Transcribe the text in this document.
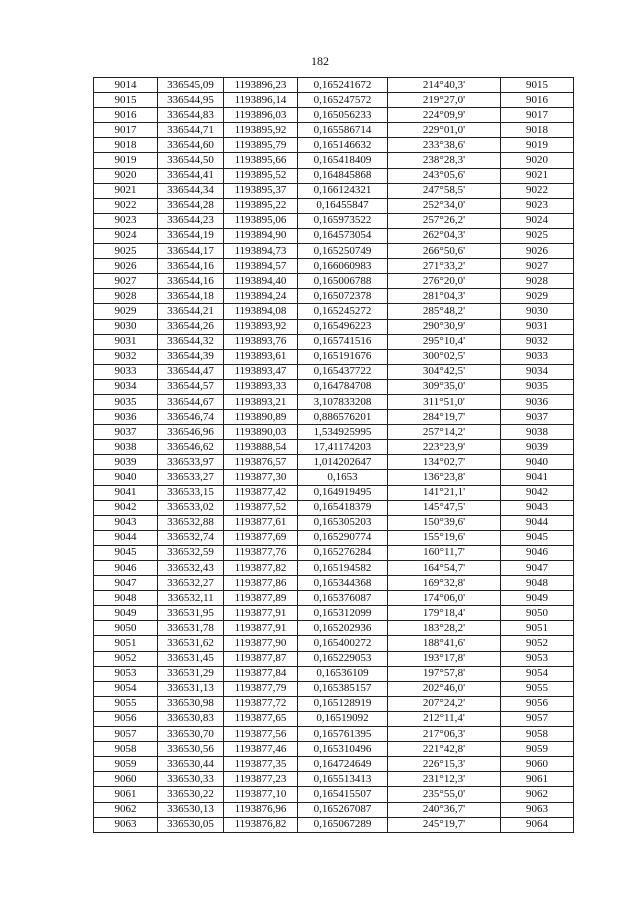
182
9014	336545,09	1193896,23	0,165241672	214°40,3'	9015
9015	336544,95	1193896,14	0,165247572	219°27,0'	9016
9016	336544,83	1193896,03	0,165056233	224°09,9'	9017
9017	336544,71	1193895,92	0,165586714	229°01,0'	9018
9018	336544,60	1193895,79	0,165146632	233°38,6'	9019
9019	336544,50	1193895,66	0,165418409	238°28,3'	9020
9020	336544,41	1193895,52	0,164845868	243°05,6'	9021
9021	336544,34	1193895,37	0,166124321	247°58,5'	9022
9022	336544,28	1193895,22	0,16455847	252°34,0'	9023
9023	336544,23	1193895,06	0,165973522	257°26,2'	9024
9024	336544,19	1193894,90	0,164573054	262°04,3'	9025
9025	336544,17	1193894,73	0,165250749	266°50,6'	9026
9026	336544,16	1193894,57	0,166060983	271°33,2'	9027
9027	336544,16	1193894,40	0,165006788	276°20,0'	9028
9028	336544,18	1193894,24	0,165072378	281°04,3'	9029
9029	336544,21	1193894,08	0,165245272	285°48,2'	9030
9030	336544,26	1193893,92	0,165496223	290°30,9'	9031
9031	336544,32	1193893,76	0,165741516	295°10,4'	9032
9032	336544,39	1193893,61	0,165191676	300°02,5'	9033
9033	336544,47	1193893,47	0,165437722	304°42,5'	9034
9034	336544,57	1193893,33	0,164784708	309°35,0'	9035
9035	336544,67	1193893,21	3,107833208	311°51,0'	9036
9036	336546,74	1193890,89	0,886576201	284°19,7'	9037
9037	336546,96	1193890,03	1,534925995	257°14,2'	9038
9038	336546,62	1193888,54	17,41174203	223°23,9'	9039
9039	336533,97	1193876,57	1,014202647	134°02,7'	9040
9040	336533,27	1193877,30	0,1653	136°23,8'	9041
9041	336533,15	1193877,42	0,164919495	141°21,1'	9042
9042	336533,02	1193877,52	0,165418379	145°47,5'	9043
9043	336532,88	1193877,61	0,165305203	150°39,6'	9044
9044	336532,74	1193877,69	0,165290774	155°19,6'	9045
9045	336532,59	1193877,76	0,165276284	160°11,7'	9046
9046	336532,43	1193877,82	0,165194582	164°54,7'	9047
9047	336532,27	1193877,86	0,165344368	169°32,8'	9048
9048	336532,11	1193877,89	0,165376087	174°06,0'	9049
9049	336531,95	1193877,91	0,165312099	179°18,4'	9050
9050	336531,78	1193877,91	0,165202936	183°28,2'	9051
9051	336531,62	1193877,90	0,165400272	188°41,6'	9052
9052	336531,45	1193877,87	0,165229053	193°17,8'	9053
9053	336531,29	1193877,84	0,16536109	197°57,8'	9054
9054	336531,13	1193877,79	0,165385157	202°46,0'	9055
9055	336530,98	1193877,72	0,165128919	207°24,2'	9056
9056	336530,83	1193877,65	0,16519092	212°11,4'	9057
9057	336530,70	1193877,56	0,165761395	217°06,3'	9058
9058	336530,56	1193877,46	0,165310496	221°42,8'	9059
9059	336530,44	1193877,35	0,164724649	226°15,3'	9060
9060	336530,33	1193877,23	0,165513413	231°12,3'	9061
9061	336530,22	1193877,10	0,165415507	235°55,0'	9062
9062	336530,13	1193876,96	0,165267087	240°36,7'	9063
9063	336530,05	1193876,82	0,165067289	245°19,7'	9064
